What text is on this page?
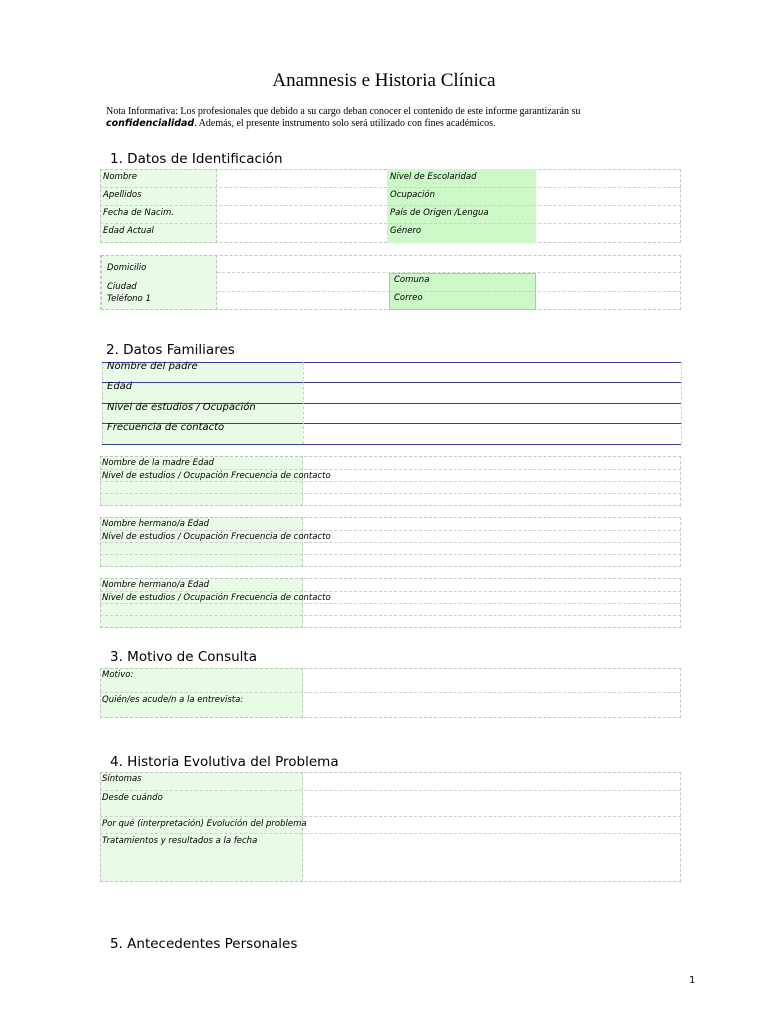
Anamnesis e Historia Clínica
Nota Informativa: Los profesionales que debido a su cargo deban conocer el contenido de este informe garantizarán su
confidencialidad. Además, el presente instrumento solo será utilizado con fines académicos.
1. Datos de Identificación
Nombre
Apellidos
Fecha de Nacim.
Edad Actual
Nivel de Escolaridad
Ocupación
País de Origen /Lengua
Género
Domicilio
Ciudad
Teléfono 1
Comuna
Correo
2. Datos Familiares
Nombre del padre
Edad
Nivel de estudios / Ocupación
Frecuencia de contacto
Nombre de la madre Edad
Nivel de estudios / Ocupación Frecuencia de contacto
Nombre hermano/a Edad
Nivel de estudios / Ocupación Frecuencia de contacto
Nombre hermano/a Edad
Nivel de estudios / Ocupación Frecuencia de contacto
3. Motivo de Consulta
Motivo:
Quién/es acude/n a la entrevista:
4. Historia Evolutiva del Problema
Síntomas
Desde cuándo
Por qué (interpretación) Evolución del problema
Tratamientos y resultados a la fecha
5. Antecedentes Personales
1
